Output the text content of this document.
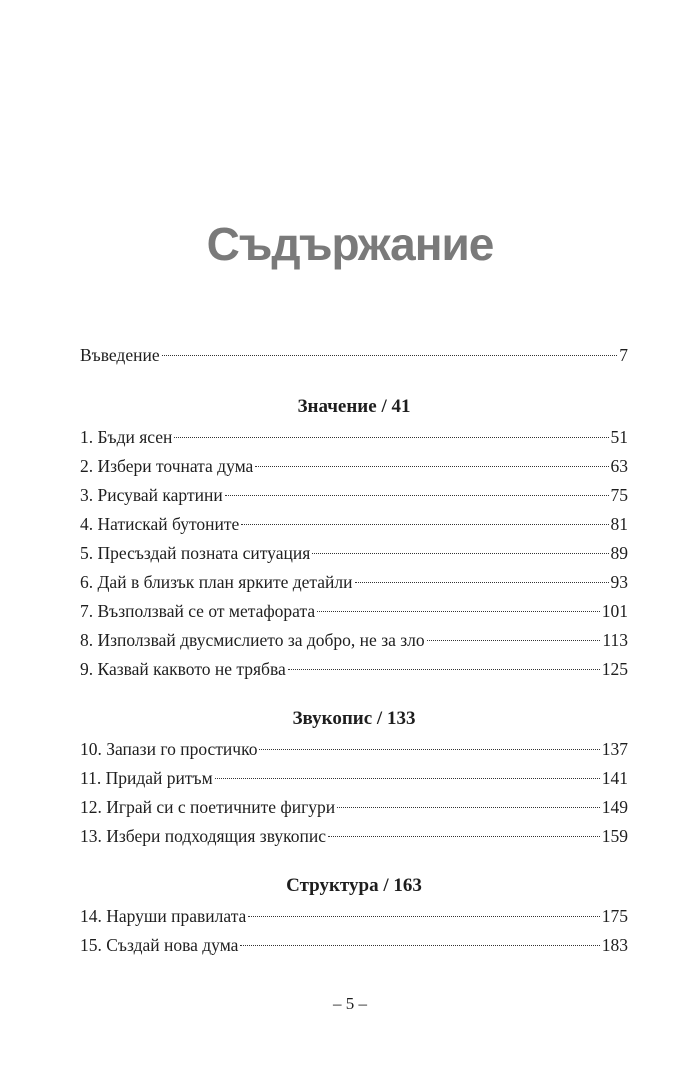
Съдържание
Въведение	7
Значение / 41
1. Бъди ясен	51
2. Избери точната дума	63
3. Рисувай картини	75
4. Натискай бутоните	81
5. Пресъздай позната ситуация	89
6. Дай в близък план ярките детайли	93
7. Възползвай се от метафората	101
8. Използвай двусмислието за добро, не за зло	113
9. Казвай каквото не трябва	125
Звукопис / 133
10. Запази го простичко	137
11. Придай ритъм	141
12. Играй си с поетичните фигури	149
13. Избери подходящия звукопис	159
Структура / 163
14. Наруши правилата	175
15. Създай нова дума	183
– 5 –
